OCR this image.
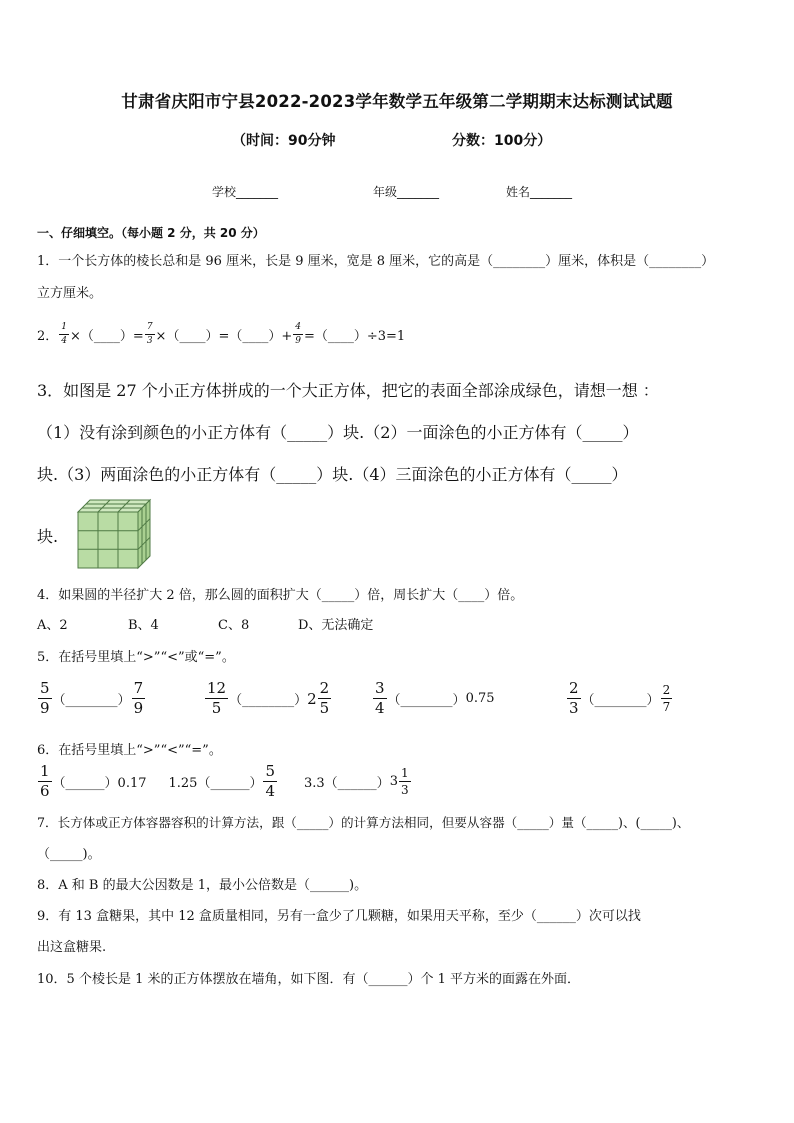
甘肃省庆阳市宁县2022-2023学年数学五年级第二学期期末达标测试试题
（时间：90分钟	分数：100分）
学校_______	年级_______	姓名_______
一、仔细填空。（每小题 2 分，共 20 分）
1．一个长方体的棱长总和是 96 厘米，长是 9 厘米，宽是 8 厘米，它的高是（________）厘米，体积是（________）
立方厘米。
2． $\frac{1}{4}$ ×（____）= $\frac{7}{3}$ ×（____）=（____）+ $\frac{4}{9}$ =（____）÷3=1
3．如图是 27 个小正方体拼成的一个大正方体，把它的表面全部涂成绿色，请想一想 ：
（1）没有涂到颜色的小正方体有（_____）块.（2）一面涂色的小正方体有（_____）
块.（3）两面涂色的小正方体有（_____）块.（4）三面涂色的小正方体有（_____）
块.
4．如果圆的半径扩大 2 倍，那么圆的面积扩大（_____）倍，周长扩大（____）倍。
A、2	B、4	C、8	D、无法确定
5．在括号里填上“>”“<”或“=”。
$\frac{5}{9}$ （________） $\frac{7}{9}$	$\frac{12}{5}$ （________） $2 \frac{2}{5}$	$\frac{3}{4}$ （________） 0.75	$\frac{2}{3}$ （________） $\frac{2}{7}$
6．在括号里填上“>”“<”“=”。
$\frac{1}{6}$ （______）0.17 1.25（______） $\frac{5}{4}$ 3.3（______） $3 \frac{1}{3}$
7．长方体或正方体容器容积的计算方法，跟（_____）的计算方法相同，但要从容器（_____）量（_____)、(_____)、
（_____)。
8．A 和 B 的最大公因数是 1，最小公倍数是（______)。
9．有 13 盒糖果，其中 12 盒质量相同，另有一盒少了几颗糖，如果用天平称，至少（______）次可以找
出这盒糖果.
10．5 个棱长是 1 米的正方体摆放在墙角，如下图．有（______）个 1 平方米的面露在外面．
